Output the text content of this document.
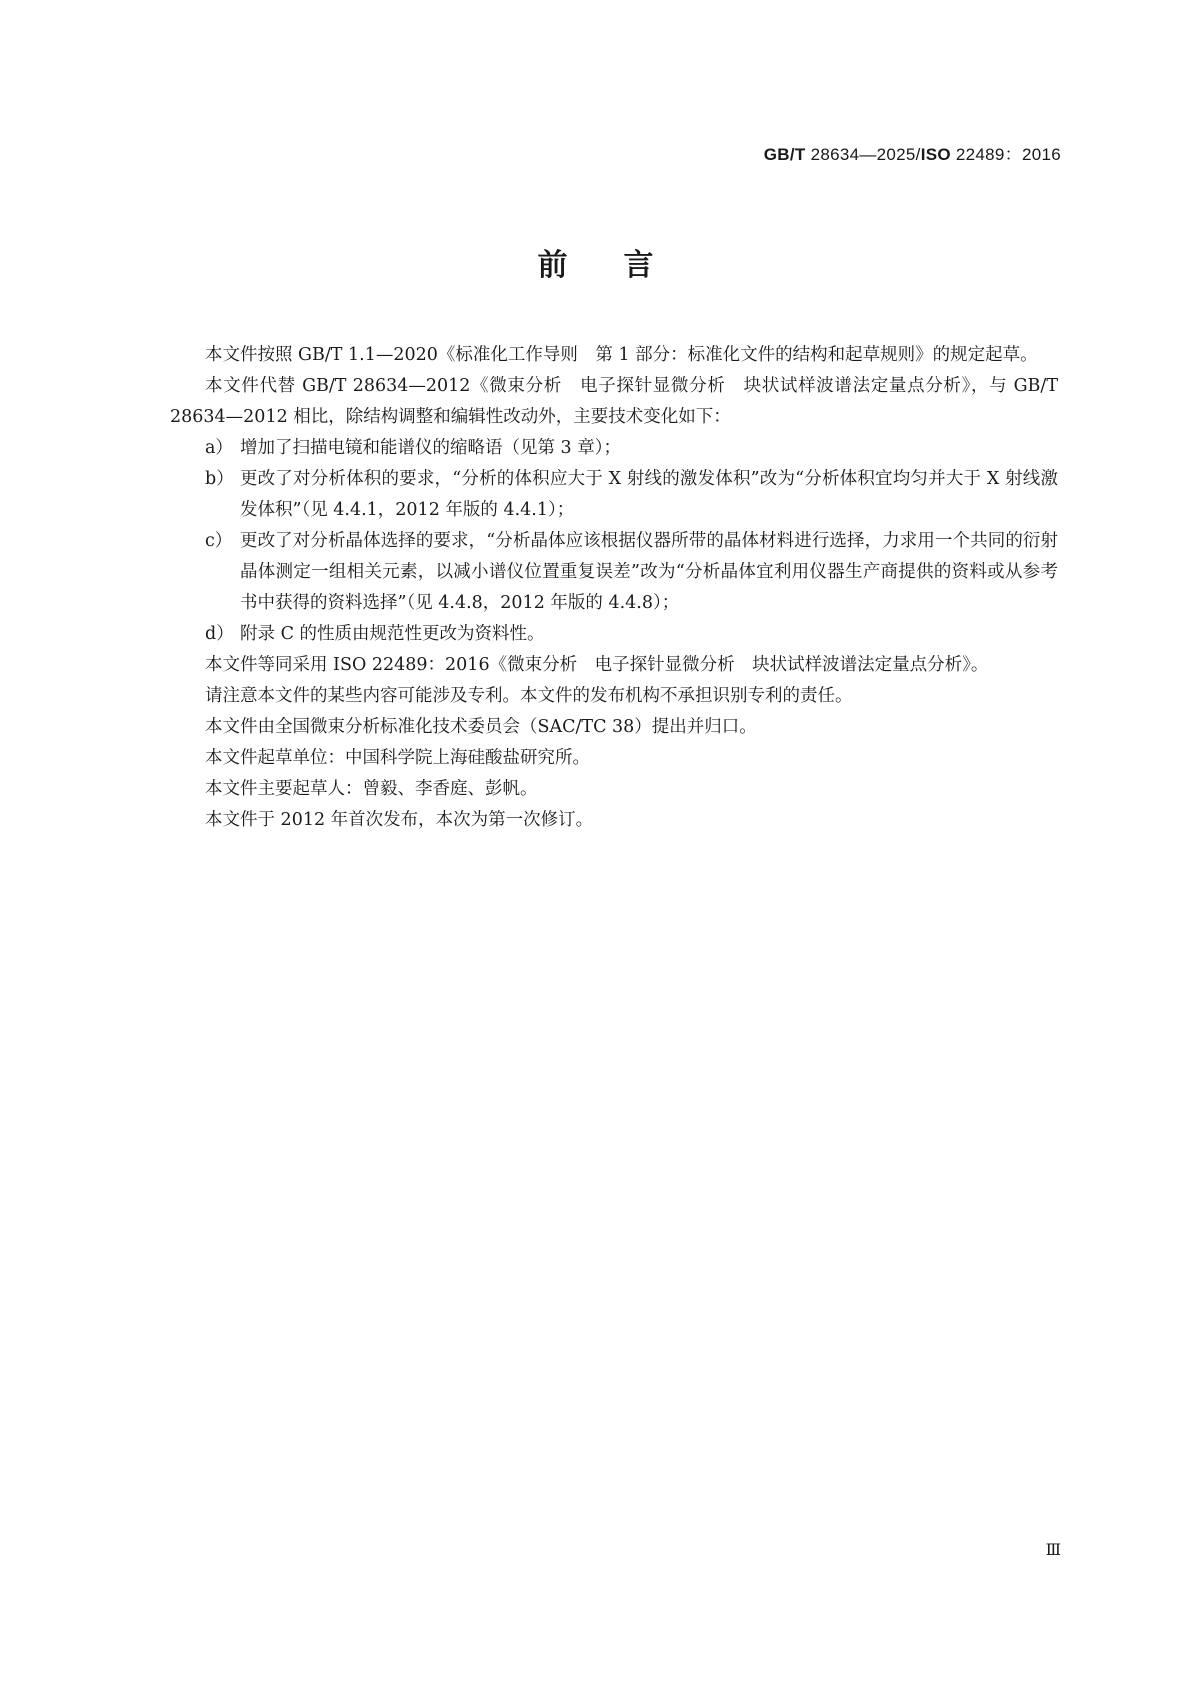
GB/T 28634—2025/ISO 22489：2016
前言

本文件按照 GB/T 1.1—2020《标准化工作导则　第 1 部分：标准化文件的结构和起草规则》的规定起草。

本文件代替 GB/T 28634—2012《微束分析　电子探针显微分析　块状试样波谱法定量点分析》，与 GB/T 28634—2012 相比，除结构调整和编辑性改动外，主要技术变化如下：

a） 增加了扫描电镜和能谱仪的缩略语（见第 3 章）；
b） 更改了对分析体积的要求，“分析的体积应大于 X 射线的激发体积”改为“分析体积宜均匀并大于 X 射线激发体积”（见 4.4.1，2012 年版的 4.4.1）；
c） 更改了对分析晶体选择的要求，“分析晶体应该根据仪器所带的晶体材料进行选择，力求用一个共同的衍射晶体测定一组相关元素，以减小谱仪位置重复误差”改为“分析晶体宜利用仪器生产商提供的资料或从参考书中获得的资料选择”（见 4.4.8，2012 年版的 4.4.8）；
d） 附录 C 的性质由规范性更改为资料性。

本文件等同采用 ISO 22489：2016《微束分析　电子探针显微分析　块状试样波谱法定量点分析》。

请注意本文件的某些内容可能涉及专利。本文件的发布机构不承担识别专利的责任。

本文件由全国微束分析标准化技术委员会（SAC/TC 38）提出并归口。

本文件起草单位：中国科学院上海硅酸盐研究所。

本文件主要起草人：曾毅、李香庭、彭帆。

本文件于 2012 年首次发布，本次为第一次修订。

Ⅲ
